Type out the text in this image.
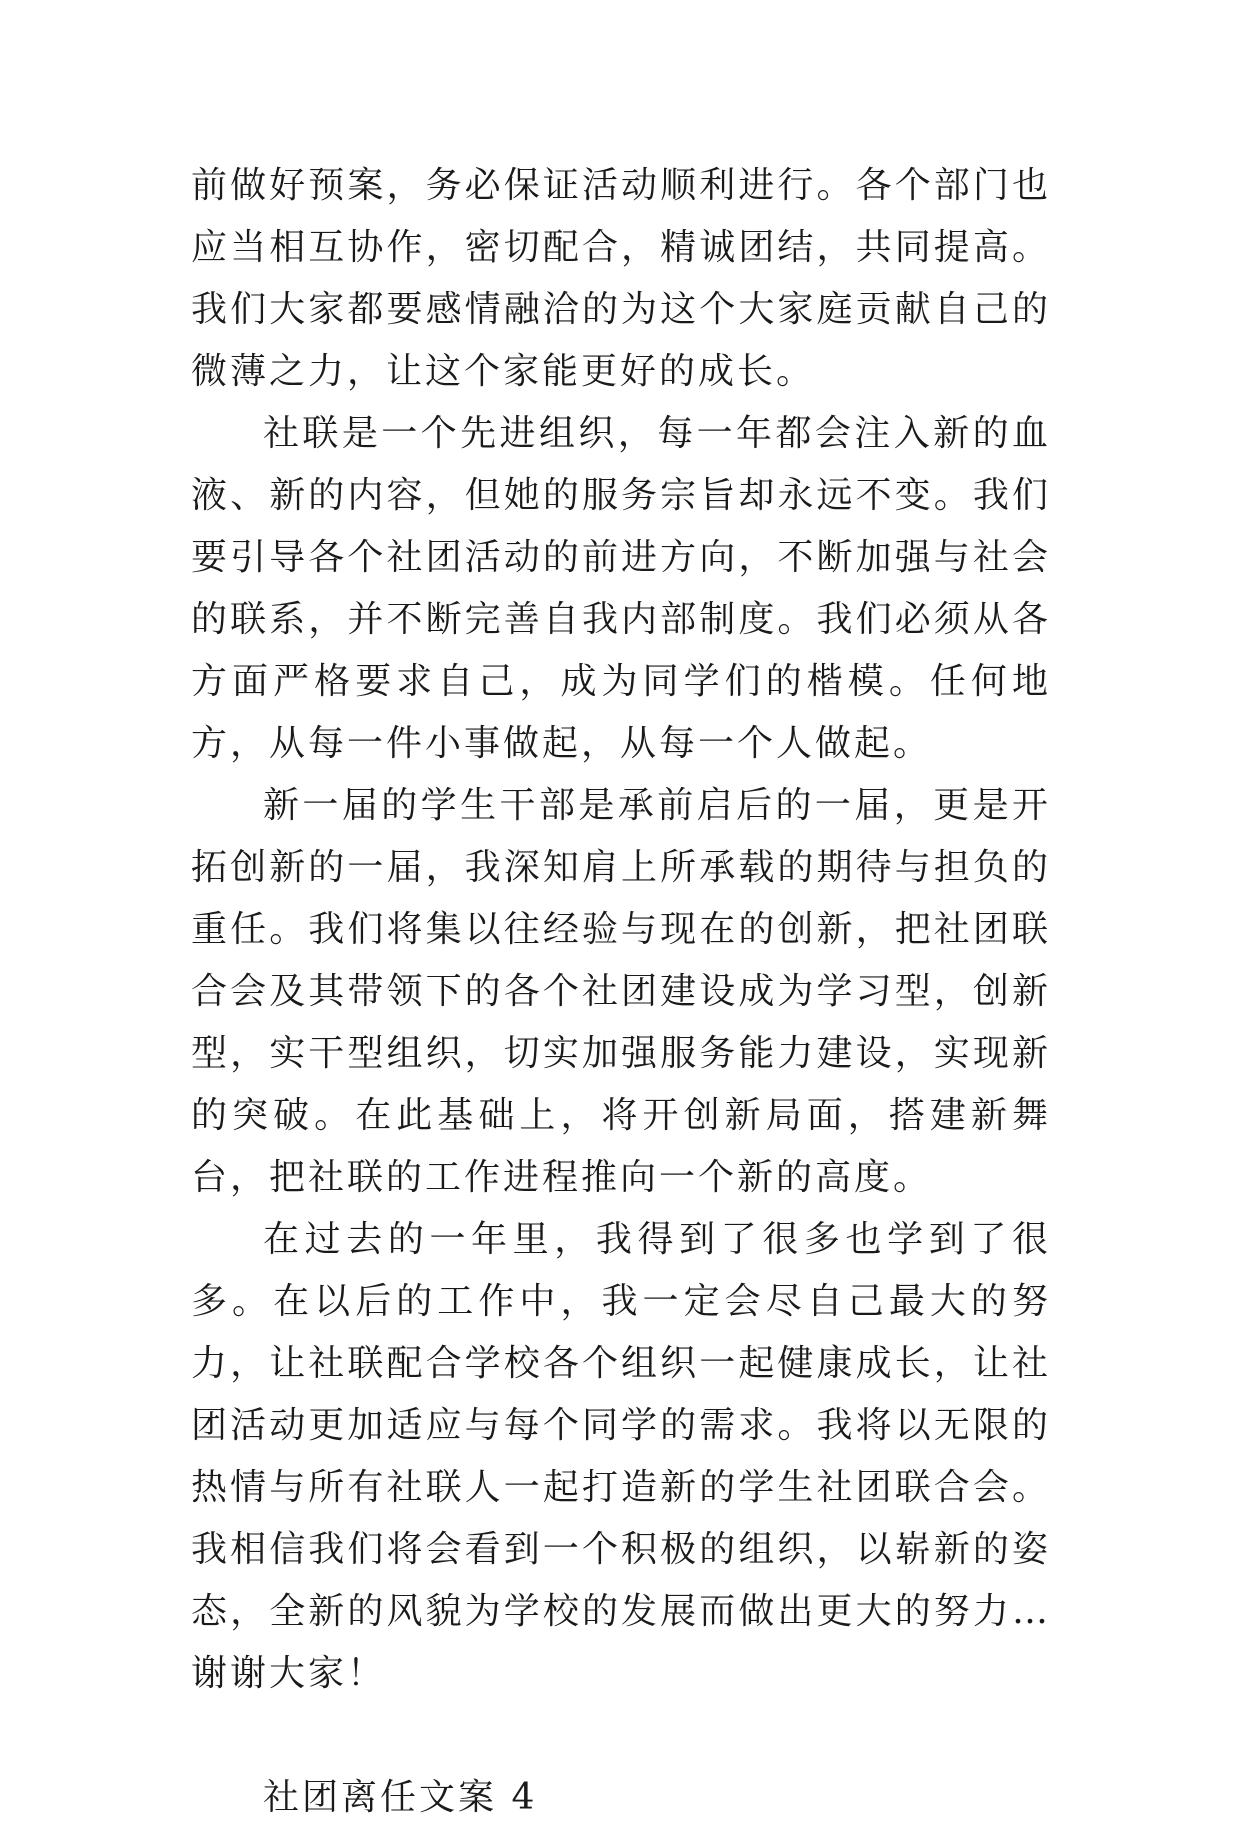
前做好预案，务必保证活动顺利进行。各个部门也应当相互协作，密切配合，精诚团结，共同提高。我们大家都要感情融洽的为这个大家庭贡献自己的微薄之力，让这个家能更好的成长。

社联是一个先进组织，每一年都会注入新的血液、新的内容，但她的服务宗旨却永远不变。我们要引导各个社团活动的前进方向，不断加强与社会的联系，并不断完善自我内部制度。我们必须从各方面严格要求自己，成为同学们的楷模。任何地方，从每一件小事做起，从每一个人做起。

新一届的学生干部是承前启后的一届，更是开拓创新的一届，我深知肩上所承载的期待与担负的重任。我们将集以往经验与现在的创新，把社团联合会及其带领下的各个社团建设成为学习型，创新型，实干型组织，切实加强服务能力建设，实现新的突破。在此基础上，将开创新局面，搭建新舞台，把社联的工作进程推向一个新的高度。

在过去的一年里，我得到了很多也学到了很多。在以后的工作中，我一定会尽自己最大的努力，让社联配合学校各个组织一起健康成长，让社团活动更加适应与每个同学的需求。我将以无限的热情与所有社联人一起打造新的学生社团联合会。我相信我们将会看到一个积极的组织，以崭新的姿态，全新的风貌为学校的发展而做出更大的努力…谢谢大家！

社团离任文案 4
